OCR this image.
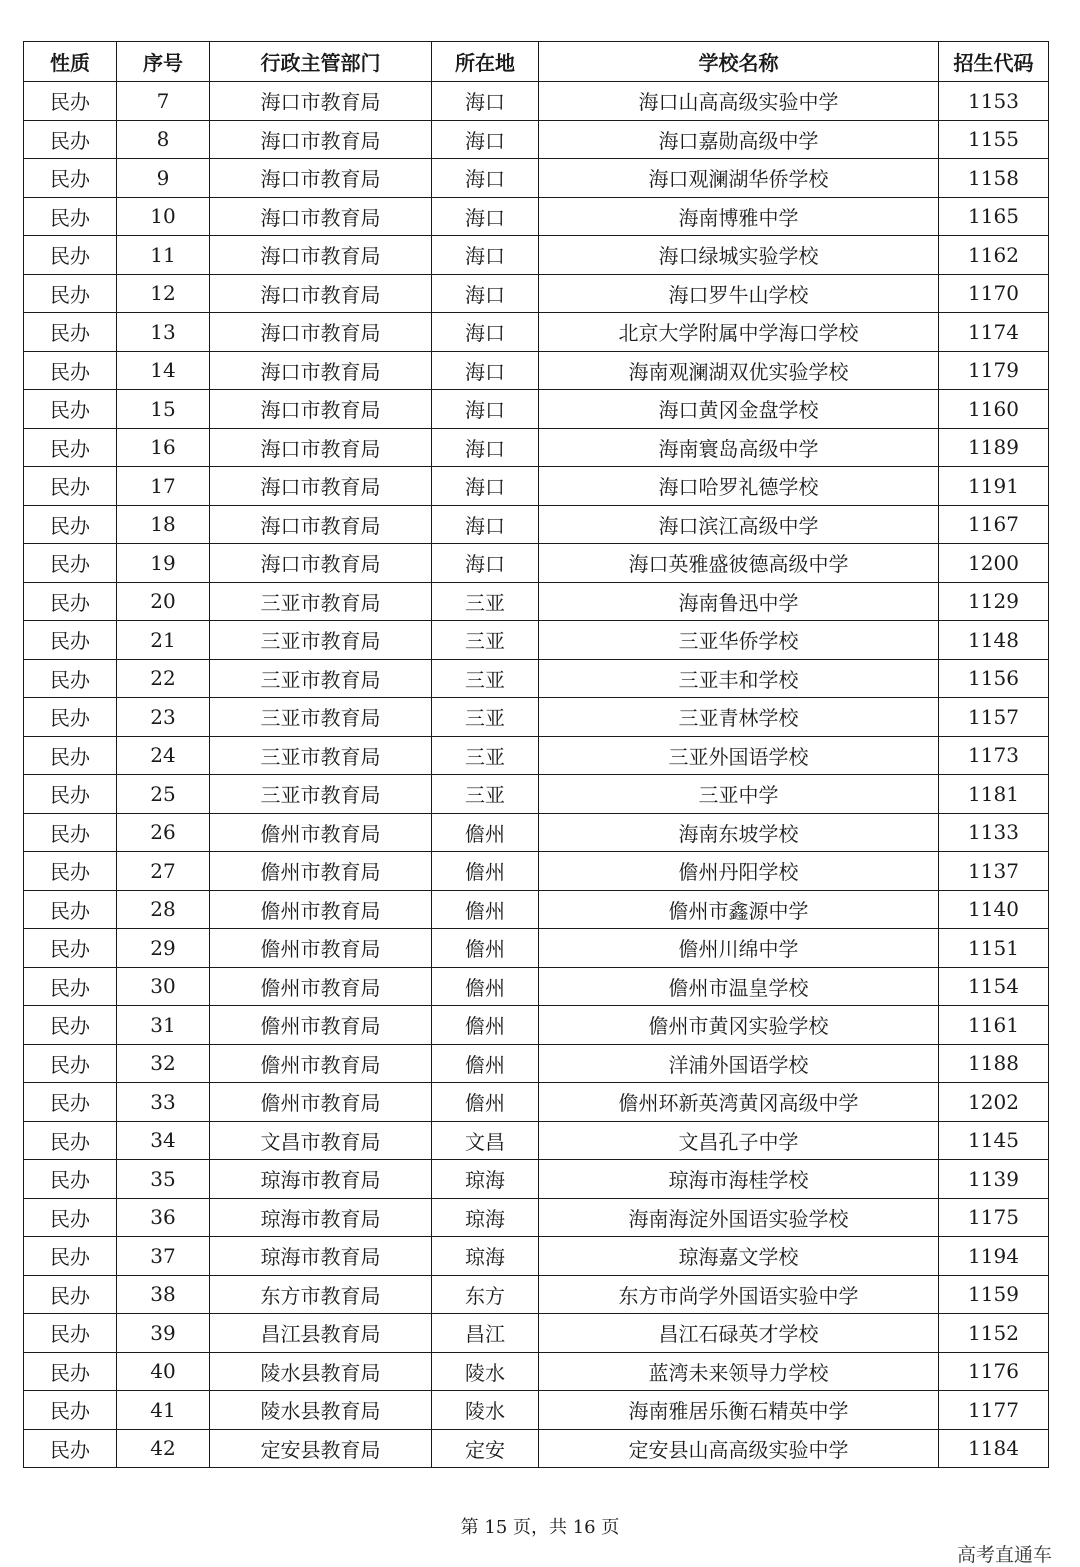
性质	序号	行政主管部门	所在地	学校名称	招生代码
民办	7	海口市教育局	海口	海口山高高级实验中学	1153
民办	8	海口市教育局	海口	海口嘉勋高级中学	1155
民办	9	海口市教育局	海口	海口观澜湖华侨学校	1158
民办	10	海口市教育局	海口	海南博雅中学	1165
民办	11	海口市教育局	海口	海口绿城实验学校	1162
民办	12	海口市教育局	海口	海口罗牛山学校	1170
民办	13	海口市教育局	海口	北京大学附属中学海口学校	1174
民办	14	海口市教育局	海口	海南观澜湖双优实验学校	1179
民办	15	海口市教育局	海口	海口黄冈金盘学校	1160
民办	16	海口市教育局	海口	海南寰岛高级中学	1189
民办	17	海口市教育局	海口	海口哈罗礼德学校	1191
民办	18	海口市教育局	海口	海口滨江高级中学	1167
民办	19	海口市教育局	海口	海口英雅盛彼德高级中学	1200
民办	20	三亚市教育局	三亚	海南鲁迅中学	1129
民办	21	三亚市教育局	三亚	三亚华侨学校	1148
民办	22	三亚市教育局	三亚	三亚丰和学校	1156
民办	23	三亚市教育局	三亚	三亚青林学校	1157
民办	24	三亚市教育局	三亚	三亚外国语学校	1173
民办	25	三亚市教育局	三亚	三亚中学	1181
民办	26	儋州市教育局	儋州	海南东坡学校	1133
民办	27	儋州市教育局	儋州	儋州丹阳学校	1137
民办	28	儋州市教育局	儋州	儋州市鑫源中学	1140
民办	29	儋州市教育局	儋州	儋州川绵中学	1151
民办	30	儋州市教育局	儋州	儋州市温皇学校	1154
民办	31	儋州市教育局	儋州	儋州市黄冈实验学校	1161
民办	32	儋州市教育局	儋州	洋浦外国语学校	1188
民办	33	儋州市教育局	儋州	儋州环新英湾黄冈高级中学	1202
民办	34	文昌市教育局	文昌	文昌孔子中学	1145
民办	35	琼海市教育局	琼海	琼海市海桂学校	1139
民办	36	琼海市教育局	琼海	海南海淀外国语实验学校	1175
民办	37	琼海市教育局	琼海	琼海嘉文学校	1194
民办	38	东方市教育局	东方	东方市尚学外国语实验中学	1159
民办	39	昌江县教育局	昌江	昌江石碌英才学校	1152
民办	40	陵水县教育局	陵水	蓝湾未来领导力学校	1176
民办	41	陵水县教育局	陵水	海南雅居乐衡石精英中学	1177
民办	42	定安县教育局	定安	定安县山高高级实验中学	1184
第 15 页，共 16 页
高考直通车
